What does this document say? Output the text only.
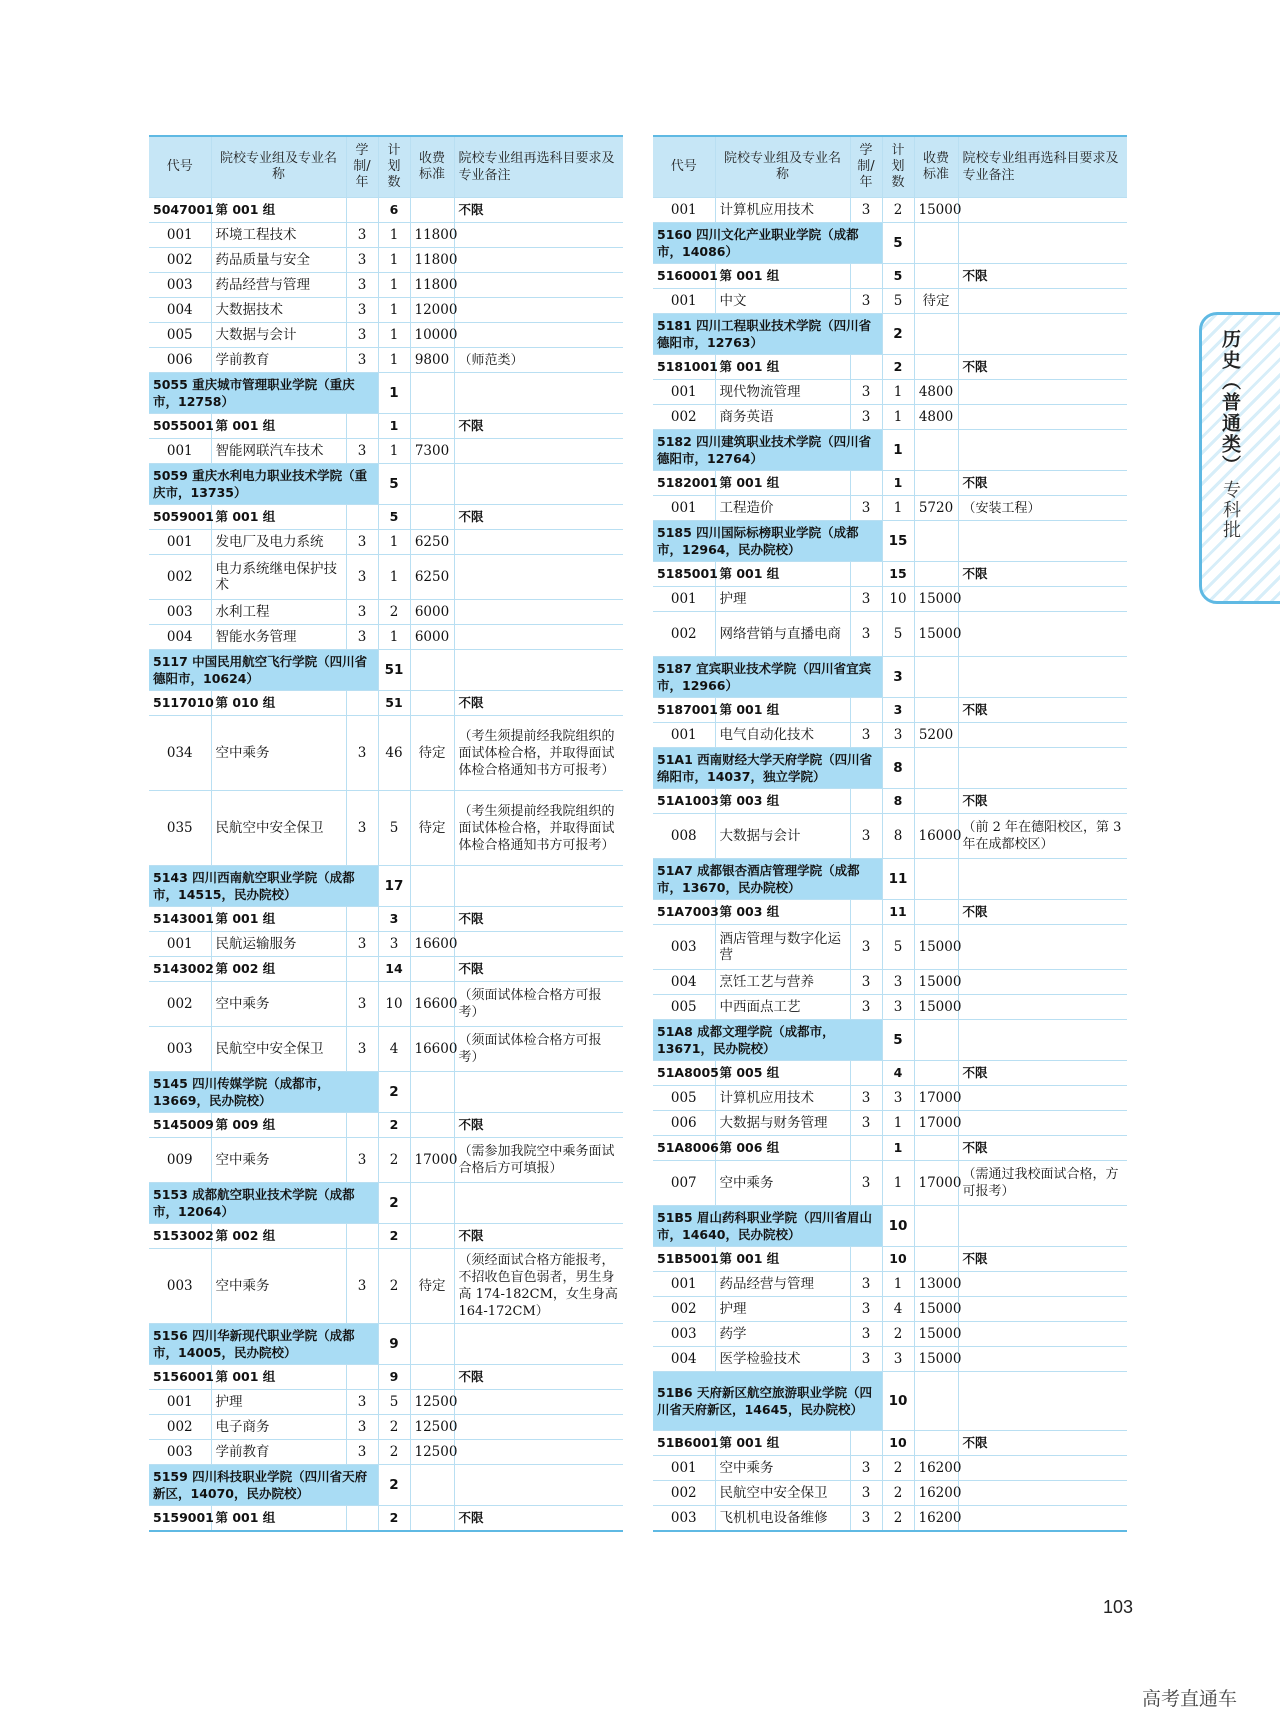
代号	院校专业组及专业名称	学制/年	计划数	收费标准	院校专业组再选科目要求及专业备注
5047001	第 001 组		6		不限
001	环境工程技术	3	1	11800	
002	药品质量与安全	3	1	11800	
003	药品经营与管理	3	1	11800	
004	大数据技术	3	1	12000	
005	大数据与会计	3	1	10000	
006	学前教育	3	1	9800	（师范类）
5055 重庆城市管理职业学院（重庆市，12758）			1		
5055001	第 001 组		1		不限
001	智能网联汽车技术	3	1	7300	
5059 重庆水利电力职业技术学院（重庆市，13735）			5		
5059001	第 001 组		5		不限
001	发电厂及电力系统	3	1	6250	
002	电力系统继电保护技术	3	1	6250	
003	水利工程	3	2	6000	
004	智能水务管理	3	1	6000	
5117 中国民用航空飞行学院（四川省德阳市，10624）			51		
5117010	第 010 组		51		不限
034	空中乘务	3	46	待定	（考生须提前经我院组织的面试体检合格，并取得面试体检合格通知书方可报考）
035	民航空中安全保卫	3	5	待定	（考生须提前经我院组织的面试体检合格，并取得面试体检合格通知书方可报考）
5143 四川西南航空职业学院（成都市，14515，民办院校）			17		
5143001	第 001 组		3		不限
001	民航运输服务	3	3	16600	
5143002	第 002 组		14		不限
002	空中乘务	3	10	16600	（须面试体检合格方可报考）
003	民航空中安全保卫	3	4	16600	（须面试体检合格方可报考）
5145 四川传媒学院（成都市，13669，民办院校）			2		
5145009	第 009 组		2		不限
009	空中乘务	3	2	17000	（需参加我院空中乘务面试合格后方可填报）
5153 成都航空职业技术学院（成都市，12064）			2		
5153002	第 002 组		2		不限
003	空中乘务	3	2	待定	（须经面试合格方能报考，不招收色盲色弱者，男生身高 174-182CM，女生身高 164-172CM）
5156 四川华新现代职业学院（成都市，14005，民办院校）			9		
5156001	第 001 组		9		不限
001	护理	3	5	12500	
002	电子商务	3	2	12500	
003	学前教育	3	2	12500	
5159 四川科技职业学院（四川省天府新区，14070，民办院校）			2		
5159001	第 001 组		2		不限
代号	院校专业组及专业名称	学制/年	计划数	收费标准	院校专业组再选科目要求及专业备注
001	计算机应用技术	3	2	15000	
5160 四川文化产业职业学院（成都市，14086）			5		
5160001	第 001 组		5		不限
001	中文	3	5	待定	
5181 四川工程职业技术学院（四川省德阳市，12763）			2		
5181001	第 001 组		2		不限
001	现代物流管理	3	1	4800	
002	商务英语	3	1	4800	
5182 四川建筑职业技术学院（四川省德阳市，12764）			1		
5182001	第 001 组		1		不限
001	工程造价	3	1	5720	（安装工程）
5185 四川国际标榜职业学院（成都市，12964，民办院校）			15		
5185001	第 001 组		15		不限
001	护理	3	10	15000	
002	网络营销与直播电商	3	5	15000	
5187 宜宾职业技术学院（四川省宜宾市，12966）			3		
5187001	第 001 组		3		不限
001	电气自动化技术	3	3	5200	
51A1 西南财经大学天府学院（四川省绵阳市，14037，独立学院）			8		
51A1003	第 003 组		8		不限
008	大数据与会计	3	8	16000	（前 2 年在德阳校区，第 3 年在成都校区）
51A7 成都银杏酒店管理学院（成都市，13670，民办院校）			11		
51A7003	第 003 组		11		不限
003	酒店管理与数字化运营	3	5	15000	
004	烹饪工艺与营养	3	3	15000	
005	中西面点工艺	3	3	15000	
51A8 成都文理学院（成都市，13671，民办院校）			5		
51A8005	第 005 组		4		不限
005	计算机应用技术	3	3	17000	
006	大数据与财务管理	3	1	17000	
51A8006	第 006 组		1		不限
007	空中乘务	3	1	17000	（需通过我校面试合格，方可报考）
51B5 眉山药科职业学院（四川省眉山市，14640，民办院校）			10		
51B5001	第 001 组		10		不限
001	药品经营与管理	3	1	13000	
002	护理	3	4	15000	
003	药学	3	2	15000	
004	医学检验技术	3	3	15000	
51B6 天府新区航空旅游职业学院（四川省天府新区，14645，民办院校）			10		
51B6001	第 001 组		10		不限
001	空中乘务	3	2	16200	
002	民航空中安全保卫	3	2	16200	
003	飞机机电设备维修	3	2	16200	
历史（普通类）
专科批
103
高考直通车
